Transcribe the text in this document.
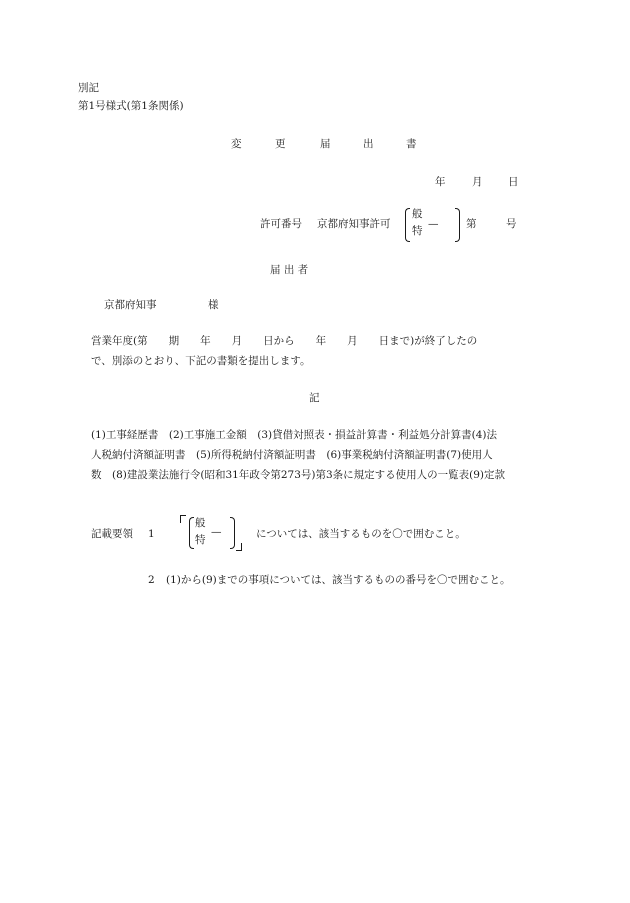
別記
第1号様式(第1条関係)
変	更	届	出	書
年	月 日
許可番号 京都府知事許可
般
特
—	第	号
届 出 者
京都府知事	様
営業年度(第　　期　　年　　月　　日から　　年　　月　　日まで)が終了したの
で、別添のとおり、下記の書類を提出します。
記
(1)工事経歴書　(2)工事施工金額　(3)貸借対照表・損益計算書・利益処分計算書(4)法
人税納付済額証明書　(5)所得税納付済額証明書　(6)事業税納付済額証明書(7)使用人
数　(8)建設業法施行令(昭和31年政令第273号)第3条に規定する使用人の一覧表(9)定款
記載要領 1
般
特
—	については、該当するものを〇で囲むこと。
2 (1)から(9)までの事項については、該当するものの番号を〇で囲むこと。
